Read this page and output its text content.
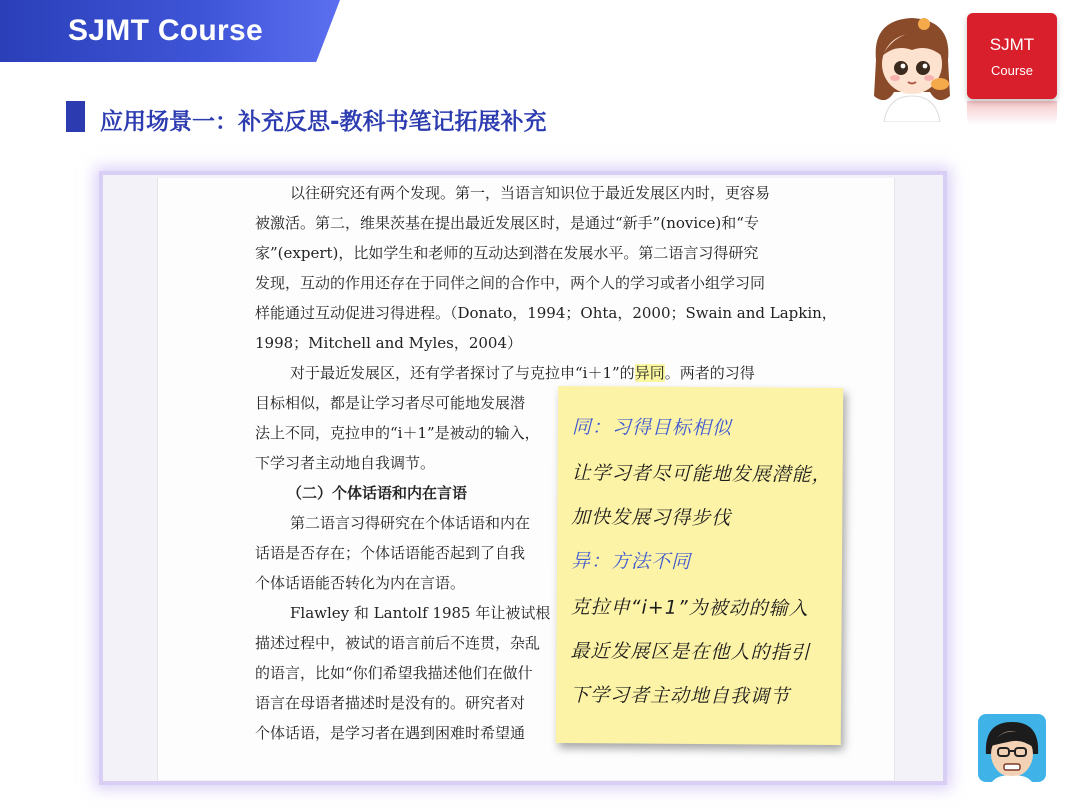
SJMT Course	SJMT
Course
应用场景一：补充反思-教科书笔记拓展补充
以往研究还有两个发现。第一，当语言知识位于最近发展区内时，更容易
被激活。第二，维果茨基在提出最近发展区时，是通过“新手”(novice)和“专
家”(expert)，比如学生和老师的互动达到潜在发展水平。第二语言习得研究
发现，互动的作用还存在于同伴之间的合作中，两个人的学习或者小组学习同
样能通过互动促进习得进程。（Donato，1994；Ohta，2000；Swain and Lapkin，
1998；Mitchell and Myles，2004）
对于最近发展区，还有学者探讨了与克拉申“i＋1”的异同。两者的习得
目标相似，都是让学习者尽可能地发展潜
法上不同，克拉申的“i＋1”是被动的输入，
下学习者主动地自我调节。
（二）个体话语和内在言语
第二语言习得研究在个体话语和内在
话语是否存在；个体话语能否起到了自我
个体话语能否转化为内在言语。
Flawley 和 Lantolf 1985 年让被试根
描述过程中，被试的语言前后不连贯，杂乱
的语言，比如“你们希望我描述他们在做什
语言在母语者描述时是没有的。研究者对
个体话语，是学习者在遇到困难时希望通
同：习得目标相似
让学习者尽可能地发展潜能，
加快发展习得步伐
异：方法不同
克拉申“i+1”为被动的输入
最近发展区是在他人的指引
下学习者主动地自我调节
